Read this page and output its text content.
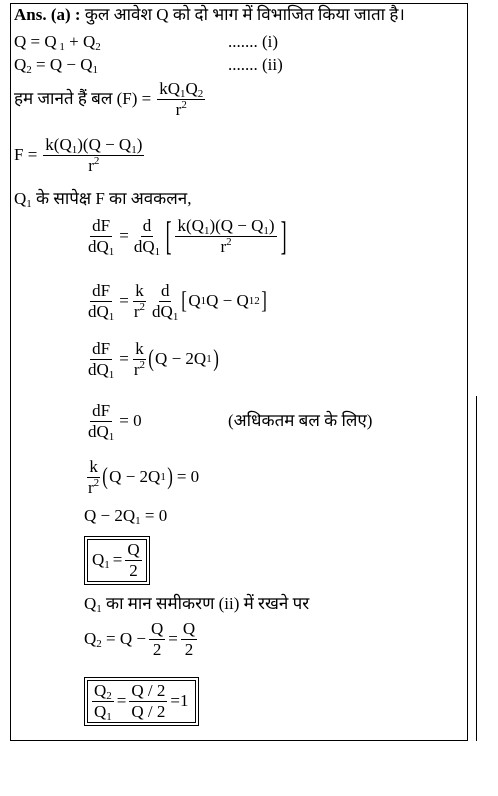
Ans. (a) : कुल आवेश Q को दो भाग में विभाजित किया जाता है।
Q = Q $_1 + Q_2$	....... (i)
$Q_2 = Q - Q_1$	....... (ii)
हम जानते हैं बल $(F) = \frac{kQ_1Q_2}{r^2}$
$F = \frac{k(Q_1)(Q - Q_1)}{r^2}$
$Q_1$ के सापेक्ष F का अवकलन,
$\frac{dF}{dQ_1} = \frac{d}{dQ_1}$ [ $\frac{k(Q_1)(Q - Q_1)}{r^2}$ ]
$\frac{dF}{dQ_1} = \frac{k}{r^2} \frac{d}{dQ_1}$ [ Q 1 Q − Q 1 2 ]
$\frac{dF}{dQ_1} = \frac{k}{r^2}$ ( Q − 2Q 1 )
$\frac{dF}{dQ_1} = 0$	(अधिकतम बल के लिए)
$\frac{k}{r^2}$ ( Q − 2Q 1 ) = 0
$Q - 2Q_1 = 0$
$Q_1 = \frac{Q}{2}$
$Q_1$ का मान समीकरण (ii) में रखने पर
$Q_2 = Q - \frac{Q}{2} = \frac{Q}{2}$
$\frac{Q_2}{Q_1} = \frac{Q / 2}{Q / 2} =1$
